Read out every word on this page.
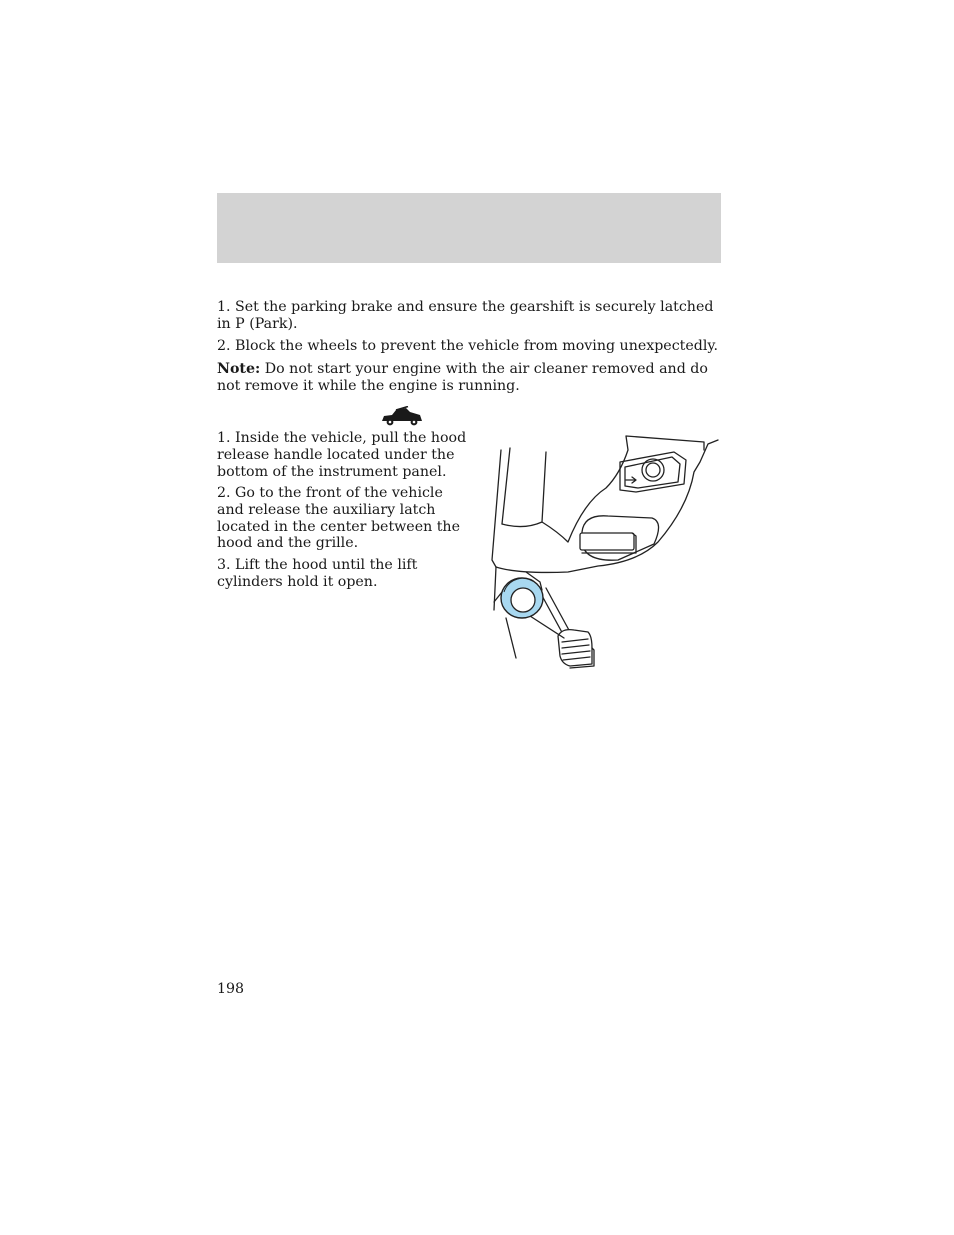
1. Set the parking brake and ensure the gearshift is securely latched in P (Park).

2. Block the wheels to prevent the vehicle from moving unexpectedly.

Note: Do not start your engine with the air cleaner removed and do not remove it while the engine is running.

1. Inside the vehicle, pull the hood release handle located under the bottom of the instrument panel.

2. Go to the front of the vehicle and release the auxiliary latch located in the center between the hood and the grille.

3. Lift the hood until the lift cylinders hold it open.

198
